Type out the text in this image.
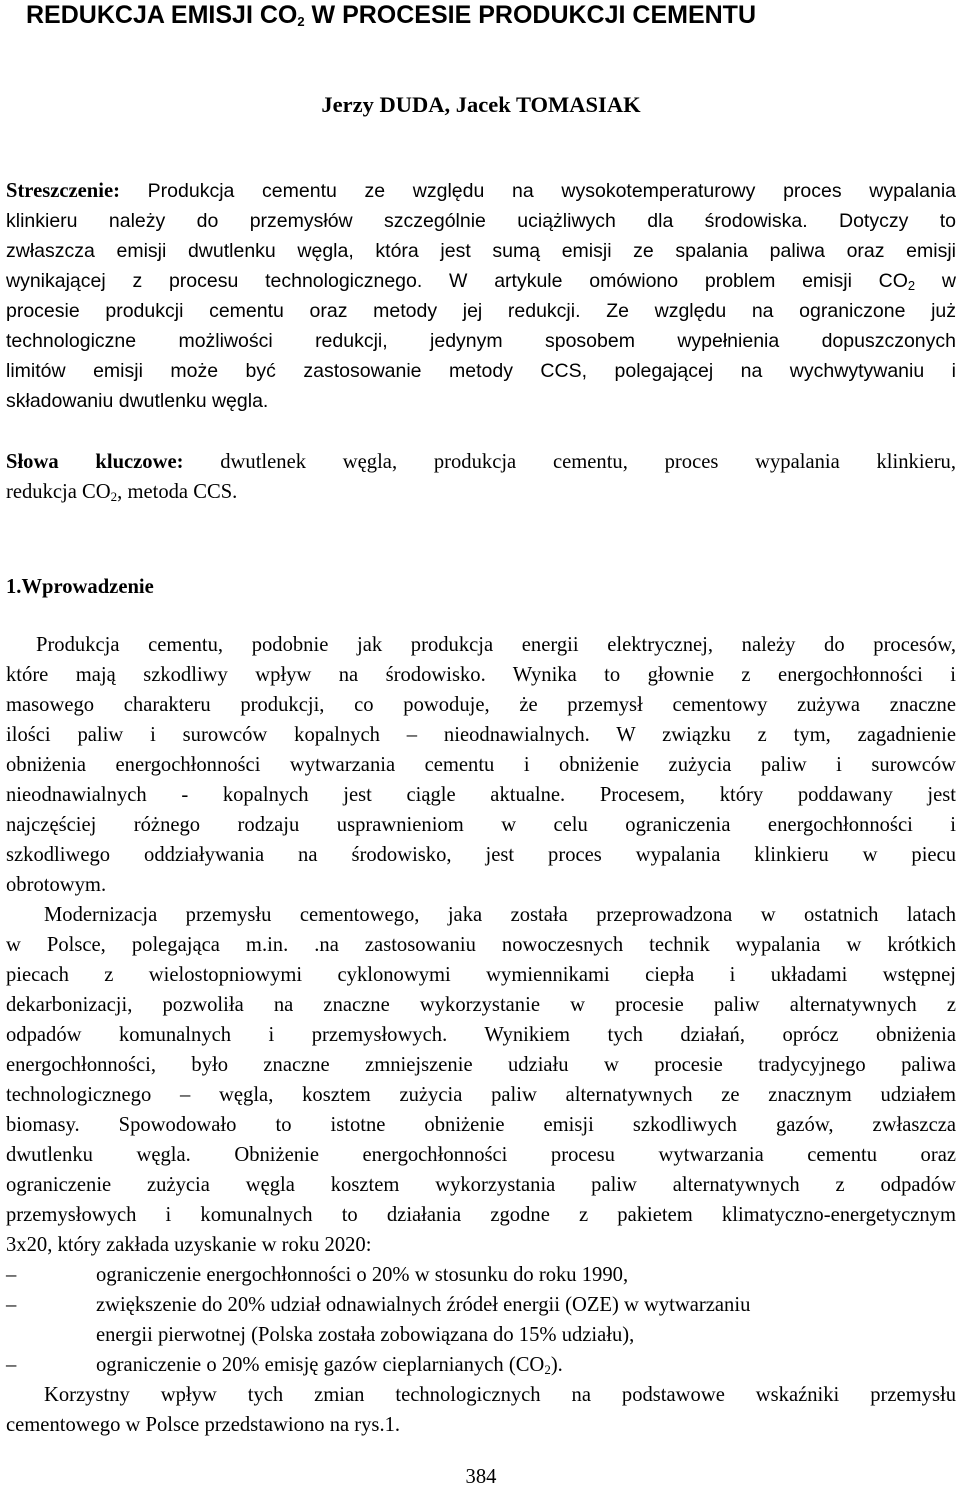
REDUKCJA EMISJI $CO_2$ W PROCESIE PRODUKCJI CEMENTU
Jerzy DUDA, Jacek TOMASIAK
Streszczenie: Produkcja cementu ze względu na wysokotemperaturowy proces wypalania
klinkieru należy do przemysłów szczególnie uciążliwych dla środowiska. Dotyczy to
zwłaszcza emisji dwutlenku węgla, która jest sumą emisji ze spalania paliwa oraz emisji
wynikającej z procesu technologicznego. W artykule omówiono problem emisji $CO_2$ w
procesie produkcji cementu oraz metody jej redukcji. Ze względu na ograniczone już
technologiczne możliwości redukcji, jedynym sposobem wypełnienia dopuszczonych
limitów emisji może być zastosowanie metody CCS, polegającej na wychwytywaniu i
składowaniu dwutlenku węgla.
Słowa kluczowe: dwutlenek węgla, produkcja cementu, proces wypalania klinkieru,
redukcja $CO_2$, metoda CCS.
1.Wprowadzenie
Produkcja cementu, podobnie jak produkcja energii elektrycznej, należy do procesów,
które mają szkodliwy wpływ na środowisko. Wynika to głownie z energochłonności i
masowego charakteru produkcji, co powoduje, że przemysł cementowy zużywa znaczne
ilości paliw i surowców kopalnych – nieodnawialnych. W związku z tym, zagadnienie
obniżenia energochłonności wytwarzania cementu i obniżenie zużycia paliw i surowców
nieodnawialnych - kopalnych jest ciągle aktualne. Procesem, który poddawany jest
najczęściej różnego rodzaju usprawnieniom w celu ograniczenia energochłonności i
szkodliwego oddziaływania na środowisko, jest proces wypalania klinkieru w piecu
obrotowym.
Modernizacja przemysłu cementowego, jaka została przeprowadzona w ostatnich latach
w Polsce, polegająca m.in. .na zastosowaniu nowoczesnych technik wypalania w krótkich
piecach z wielostopniowymi cyklonowymi wymiennikami ciepła i układami wstępnej
dekarbonizacji, pozwoliła na znaczne wykorzystanie w procesie paliw alternatywnych z
odpadów komunalnych i przemysłowych. Wynikiem tych działań, oprócz obniżenia
energochłonności, było znaczne zmniejszenie udziału w procesie tradycyjnego paliwa
technologicznego – węgla, kosztem zużycia paliw alternatywnych ze znacznym udziałem
biomasy. Spowodowało to istotne obniżenie emisji szkodliwych gazów, zwłaszcza
dwutlenku węgla. Obniżenie energochłonności procesu wytwarzania cementu oraz
ograniczenie zużycia węgla kosztem wykorzystania paliw alternatywnych z odpadów
przemysłowych i komunalnych to działania zgodne z pakietem klimatyczno-energetycznym
3x20, który zakłada uzyskanie w roku 2020:
–	ograniczenie energochłonności o 20% w stosunku do roku 1990,
–	zwiększenie do 20% udział odnawialnych źródeł energii (OZE) w wytwarzaniu
energii pierwotnej (Polska została zobowiązana do 15% udziału),
–	ograniczenie o 20% emisję gazów cieplarnianych $(CO_2)$.
Korzystny wpływ tych zmian technologicznych na podstawowe wskaźniki przemysłu
cementowego w Polsce przedstawiono na rys.1.
384
